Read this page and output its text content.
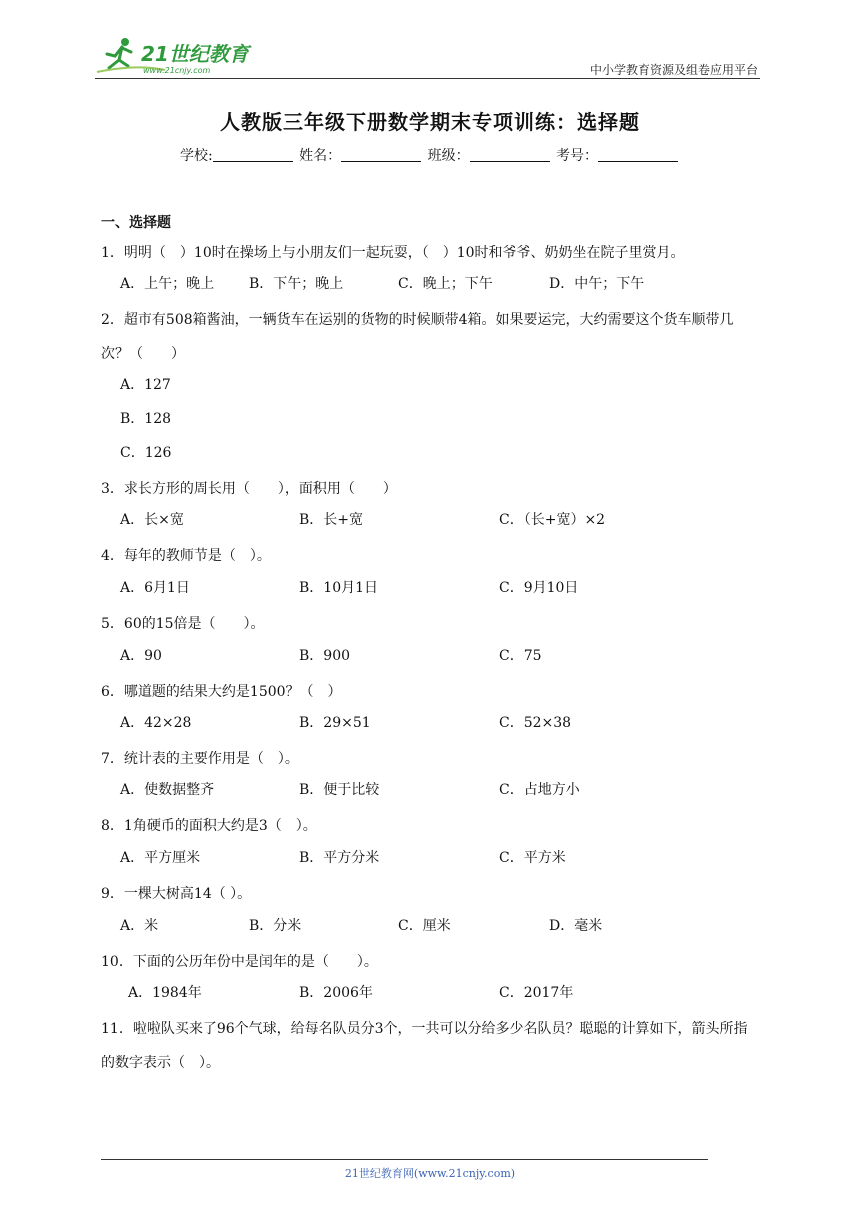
21世纪教育
www.21cnjy.com	中小学教育资源及组卷应用平台
人教版三年级下册数学期末专项训练：选择题
学校:	姓名：	班级：	考号：
一、选择题
1．明明（　）10时在操场上与小朋友们一起玩耍，（　）10时和爷爷、奶奶坐在院子里赏月。
A．上午；晚上 B．下午；晚上	C．晚上；下午	D．中午；下午
2．超市有508箱酱油，一辆货车在运别的货物的时候顺带4箱。如果要运完，大约需要这个货车顺带几次？（　　）
A．127
B．128
C．126
3．求长方形的周长用（　　），面积用（　　）
A．长×宽	B．长+宽	C．（长+宽）×2
4．每年的教师节是（　）。
A．6月1日	B．10月1日	C．9月10日
5．60的15倍是（　　）。
A．90	B．900	C．75
6．哪道题的结果大约是1500？（　）
A．42×28	B．29×51	C．52×38
7．统计表的主要作用是（　）。
A．使数据整齐	B．便于比较	C．占地方小
8．1角硬币的面积大约是3（　）。
A．平方厘米	B．平方分米	C．平方米
9．一棵大树高14（ ）。
A．米	B．分米	C．厘米	D．毫米
10．下面的公历年份中是闰年的是（　　）。
A．1984年	B．2006年	C．2017年
11．啦啦队买来了96个气球，给每名队员分3个，一共可以分给多少名队员？聪聪的计算如下，箭头所指的数字表示（　）。
21世纪教育网(www.21cnjy.com)
